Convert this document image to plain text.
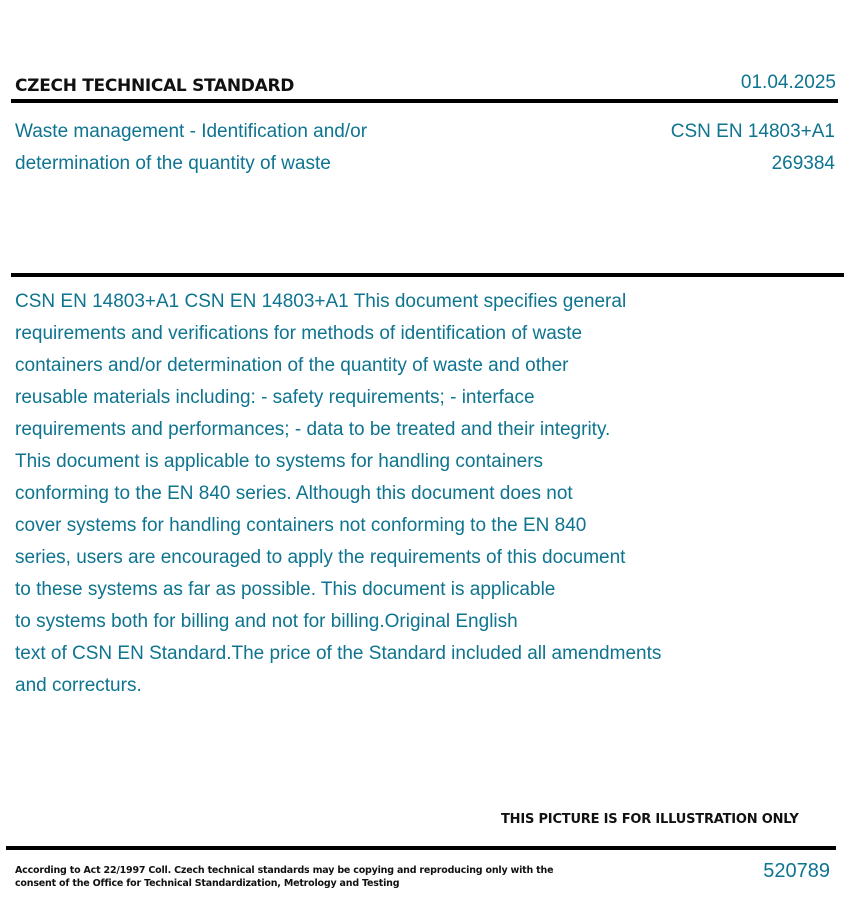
CZECH TECHNICAL STANDARD	01.04.2025
Waste management - Identification and/or determination of the quantity of waste
CSN EN 14803+A1
269384
CSN EN 14803+A1 CSN EN 14803+A1 This document specifies general
requirements and verifications for methods of identification of waste
containers and/or determination of the quantity of waste and other
reusable materials including: - safety requirements; - interface
requirements and performances; - data to be treated and their integrity.
This document is applicable to systems for handling containers
conforming to the EN 840 series. Although this document does not
cover systems for handling containers not conforming to the EN 840
series, users are encouraged to apply the requirements of this document
to these systems as far as possible. This document is applicable
to systems both for billing and not for billing.Original English
text of CSN EN Standard.The price of the Standard included all amendments
and correcturs.
THIS PICTURE IS FOR ILLUSTRATION ONLY
According to Act 22/1997 Coll. Czech technical standards may be copying and reproducing only with the consent of the Office for Technical Standardization, Metrology and Testing
520789
